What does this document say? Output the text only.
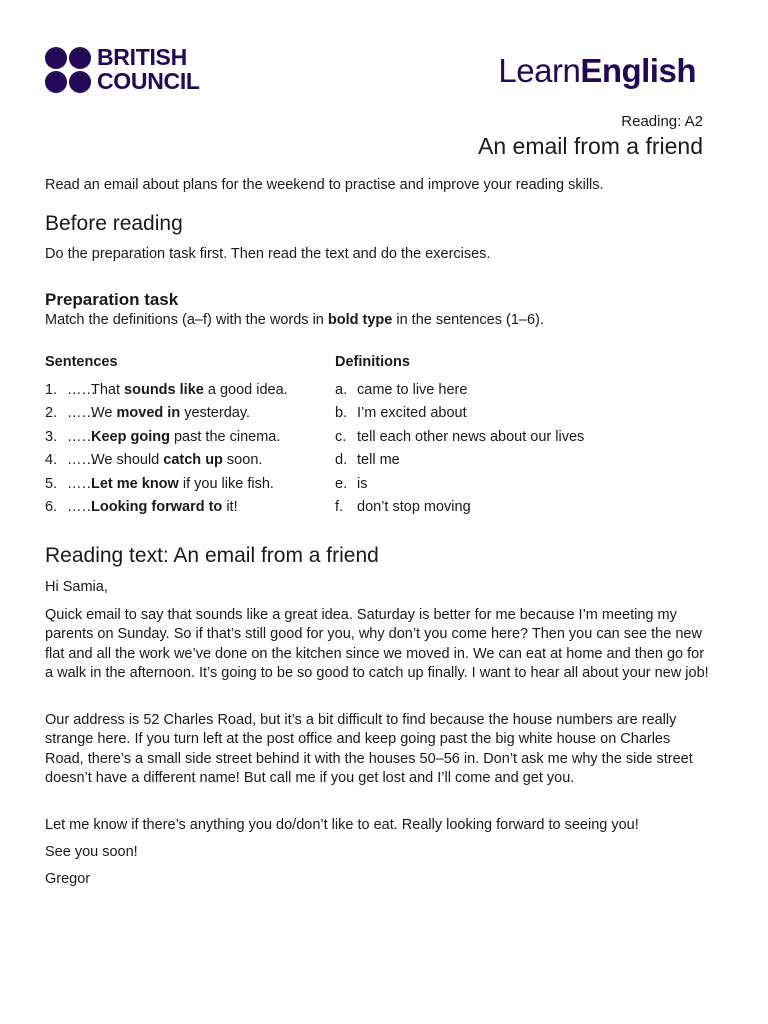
BRITISH
COUNCIL	LearnEnglish
Reading: A2
An email from a friend
Read an email about plans for the weekend to practise and improve your reading skills.
Before reading
Do the preparation task first. Then read the text and do the exercises.
Preparation task
Match the definitions (a–f) with the words in bold type in the sentences (1–6).
Sentences	Definitions
1. ……That sounds like a good idea.
2. ……We moved in yesterday.
3. ……Keep going past the cinema.
4. ……We should catch up soon.
5. ……Let me know if you like fish.
6. ……Looking forward to it!
a. came to live here
b. I’m excited about
c. tell each other news about our lives
d. tell me
e. is
f. don’t stop moving
Reading text: An email from a friend

Hi Samia,

Quick email to say that sounds like a great idea. Saturday is better for me because I’m meeting my parents on Sunday. So if that’s still good for you, why don’t you come here? Then you can see the new flat and all the work we’ve done on the kitchen since we moved in. We can eat at home and then go for a walk in the afternoon. It’s going to be so good to catch up finally. I want to hear all about your new job!

Our address is 52 Charles Road, but it’s a bit difficult to find because the house numbers are really strange here. If you turn left at the post office and keep going past the big white house on Charles Road, there’s a small side street behind it with the houses 50–56 in. Don’t ask me why the side street doesn’t have a different name! But call me if you get lost and I’ll come and get you.

Let me know if there’s anything you do/don’t like to eat. Really looking forward to seeing you!

See you soon!

Gregor
